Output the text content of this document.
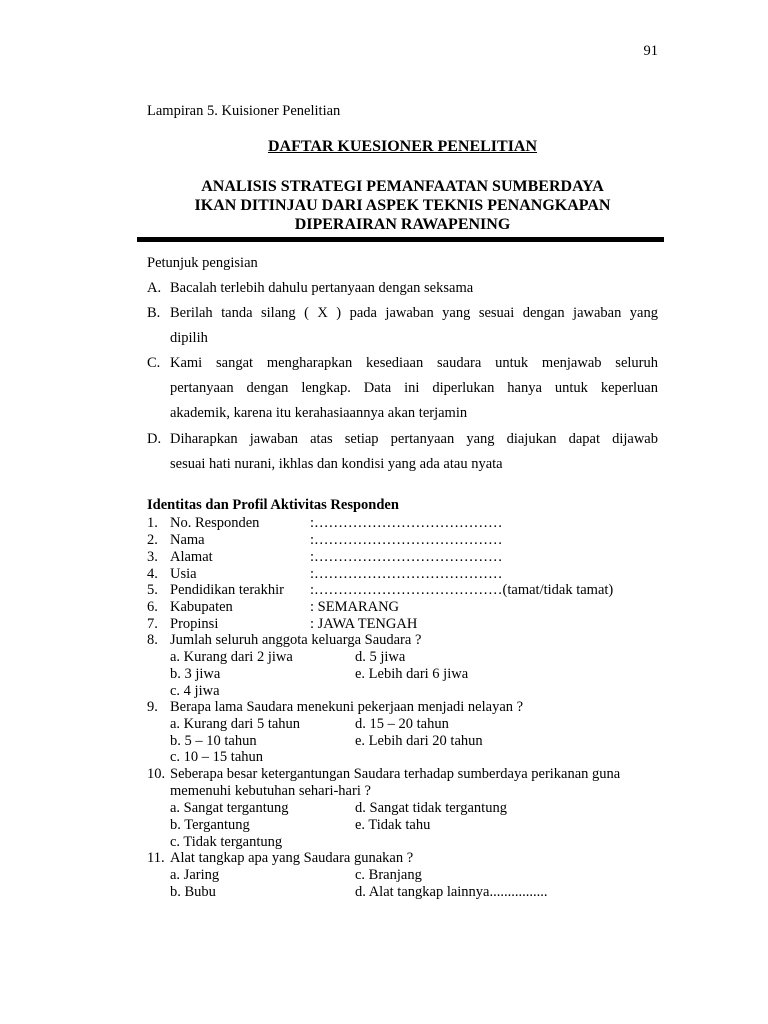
91
Lampiran 5. Kuisioner Penelitian
DAFTAR KUESIONER PENELITIAN
ANALISIS STRATEGI PEMANFAATAN SUMBERDAYA
IKAN DITINJAU DARI ASPEK TEKNIS PENANGKAPAN
DIPERAIRAN RAWAPENING
Petunjuk pengisian
A. Bacalah terlebih dahulu pertanyaan dengan seksama
B. Berilah tanda silang ( X ) pada jawaban yang sesuai dengan jawaban yang
dipilih
C. Kami sangat mengharapkan kesediaan saudara untuk menjawab seluruh
pertanyaan dengan lengkap. Data ini diperlukan hanya untuk keperluan
akademik, karena itu kerahasiaannya akan terjamin
D. Diharapkan jawaban atas setiap pertanyaan yang diajukan dapat dijawab
sesuai hati nurani, ikhlas dan kondisi yang ada atau nyata
Identitas dan Profil Aktivitas Responden
1. No. Responden	:…………………………………
2. Nama	:…………………………………
3. Alamat	:…………………………………
4. Usia	:…………………………………
5. Pendidikan terakhir :…………………………………(tamat/tidak tamat)
6. Kabupaten	: SEMARANG
7. Propinsi	: JAWA TENGAH
8. Jumlah seluruh anggota keluarga Saudara ?
a. Kurang dari 2 jiwa	d. 5 jiwa
b. 3 jiwa	e. Lebih dari 6 jiwa
c. 4 jiwa
9. Berapa lama Saudara menekuni pekerjaan menjadi nelayan ?
a. Kurang dari 5 tahun	d. 15 – 20 tahun
b. 5 – 10 tahun	e. Lebih dari 20 tahun
c. 10 – 15 tahun
10. Seberapa besar ketergantungan Saudara terhadap sumberdaya perikanan guna
memenuhi kebutuhan sehari-hari ?
a. Sangat tergantung	d. Sangat tidak tergantung
b. Tergantung	e. Tidak tahu
c. Tidak tergantung
11. Alat tangkap apa yang Saudara gunakan ?
a. Jaring	c. Branjang
b. Bubu	d. Alat tangkap lainnya................
